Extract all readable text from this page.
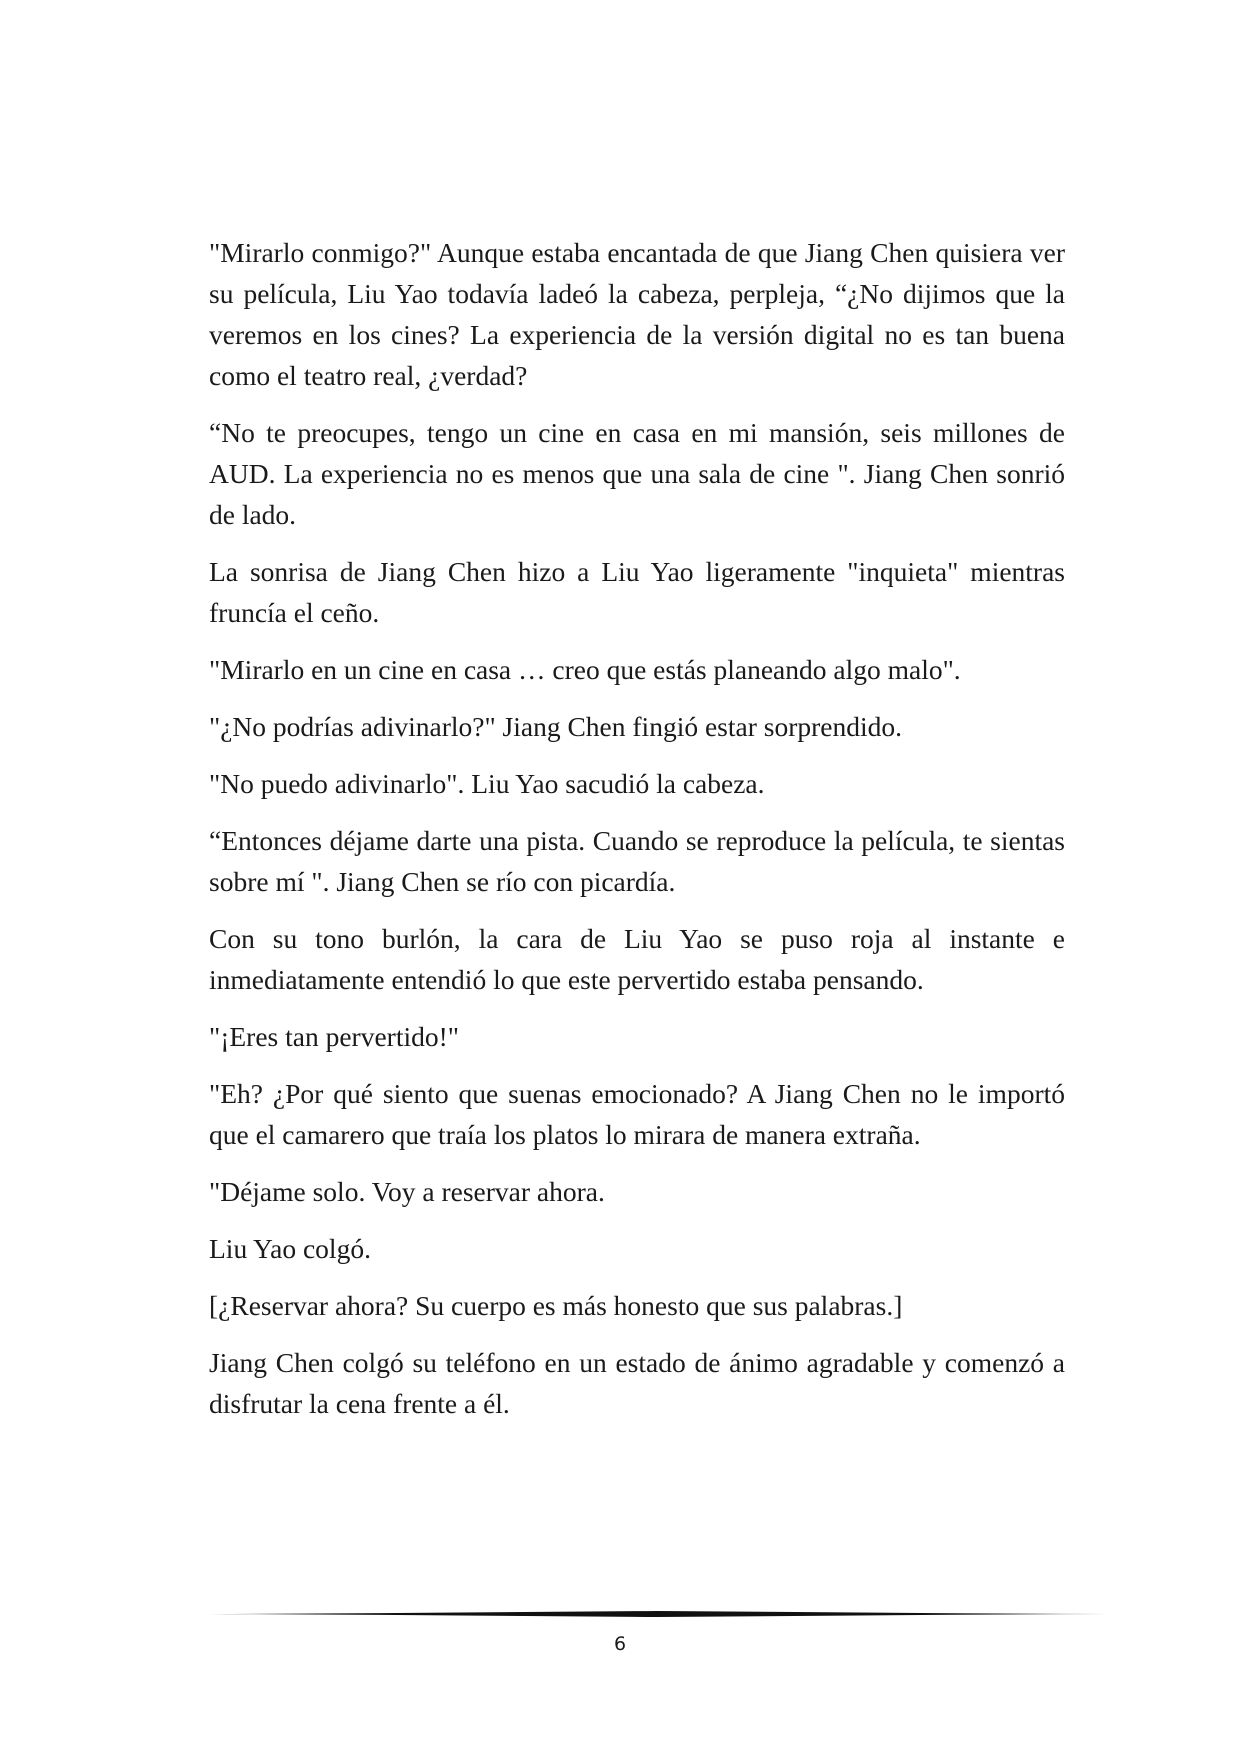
"Mirarlo conmigo?" Aunque estaba encantada de que Jiang Chen quisiera ver su película, Liu Yao todavía ladeó la cabeza, perpleja, “¿No dijimos que la veremos en los cines? La experiencia de la versión digital no es tan buena como el teatro real, ¿verdad?

“No te preocupes, tengo un cine en casa en mi mansión, seis millones de AUD. La experiencia no es menos que una sala de cine ". Jiang Chen sonrió de lado.

La sonrisa de Jiang Chen hizo a Liu Yao ligeramente "inquieta" mientras fruncía el ceño.

"Mirarlo en un cine en casa … creo que estás planeando algo malo".

"¿No podrías adivinarlo?" Jiang Chen fingió estar sorprendido.

"No puedo adivinarlo". Liu Yao sacudió la cabeza.

“Entonces déjame darte una pista. Cuando se reproduce la película, te sientas sobre mí ". Jiang Chen se río con picardía.

Con su tono burlón, la cara de Liu Yao se puso roja al instante e inmediatamente entendió lo que este pervertido estaba pensando.

"¡Eres tan pervertido!"

"Eh? ¿Por qué siento que suenas emocionado? A Jiang Chen no le importó que el camarero que traía los platos lo mirara de manera extraña.

"Déjame solo. Voy a reservar ahora.

Liu Yao colgó.

[¿Reservar ahora? Su cuerpo es más honesto que sus palabras.]

Jiang Chen colgó su teléfono en un estado de ánimo agradable y comenzó a disfrutar la cena frente a él.

6
